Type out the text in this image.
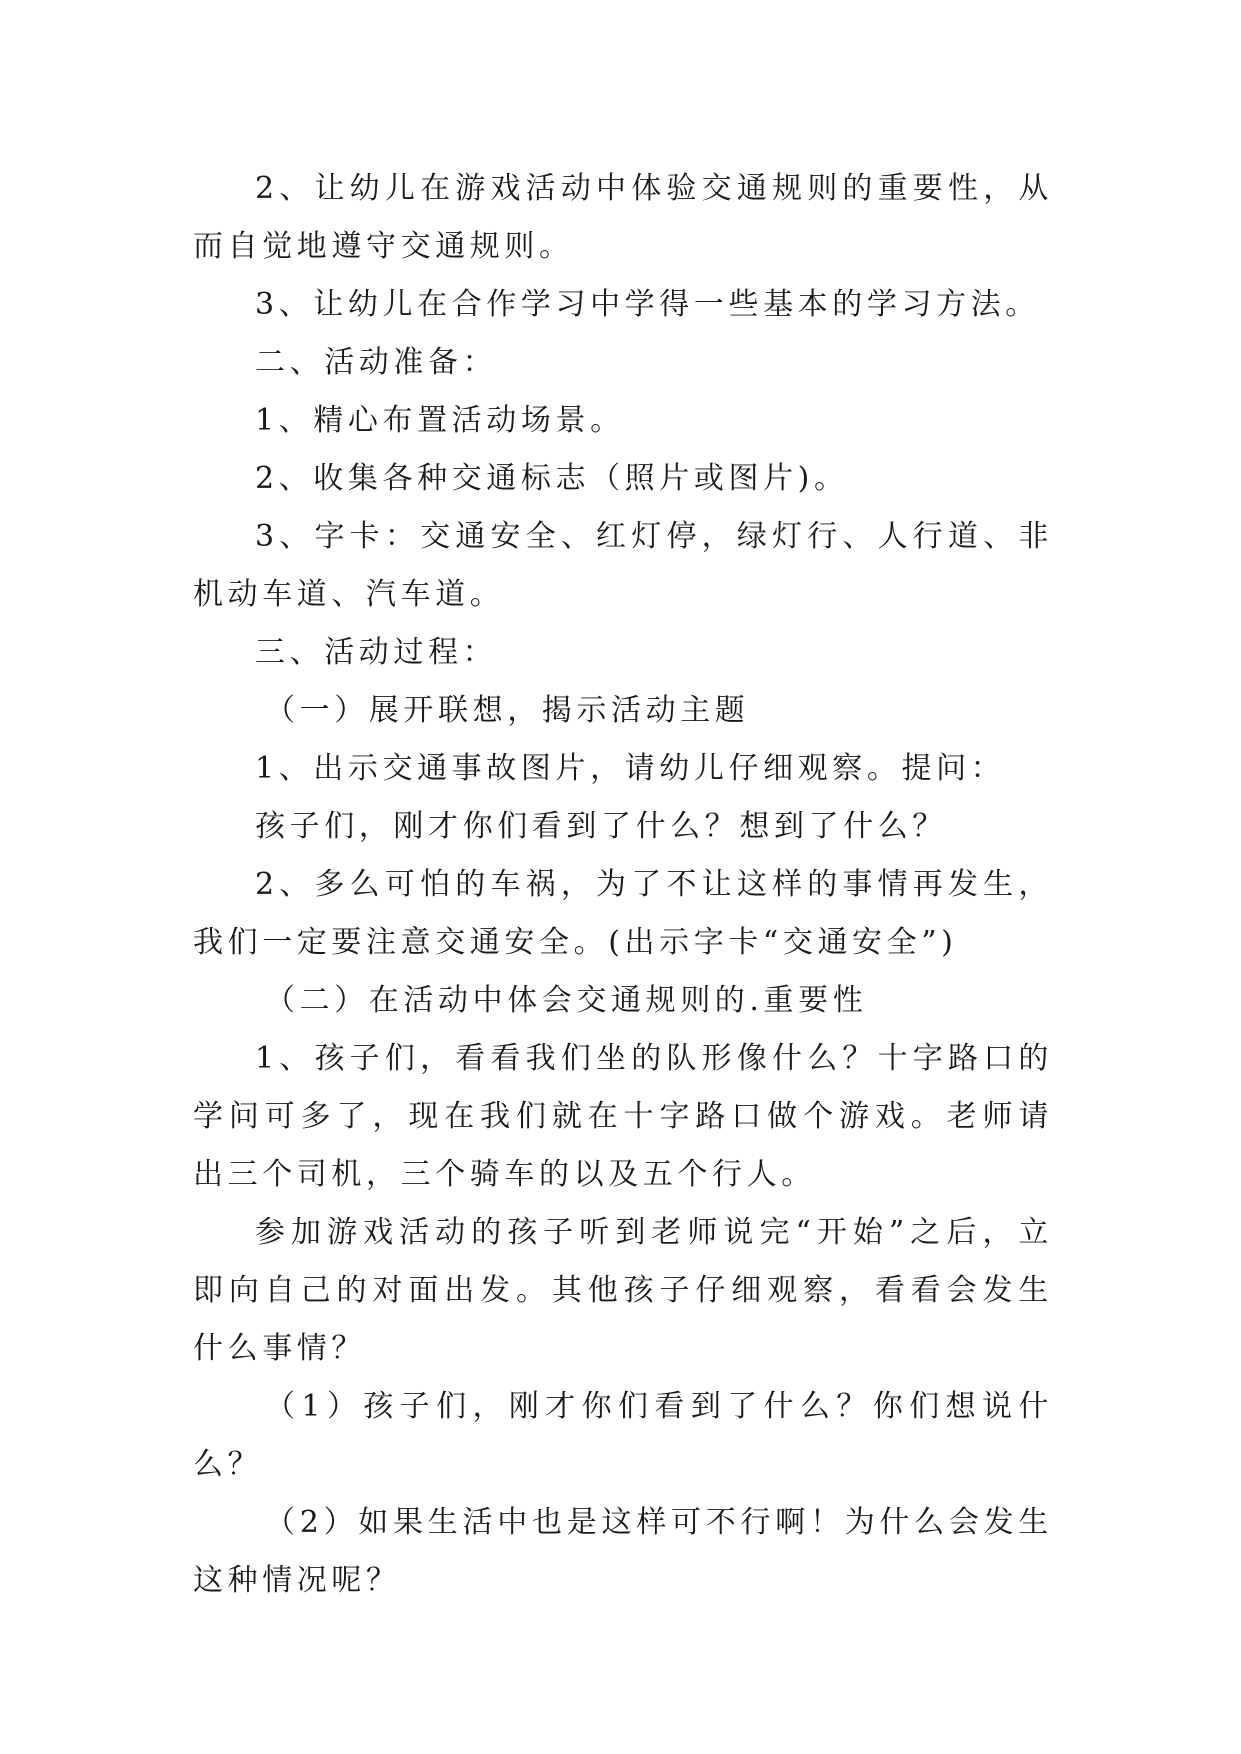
2、让幼儿在游戏活动中体验交通规则的重要性，从而自觉地遵守交通规则。

3、让幼儿在合作学习中学得一些基本的学习方法。

二、活动准备：

1、精心布置活动场景。

2、收集各种交通标志（照片或图片)。

3、字卡：交通安全、红灯停，绿灯行、人行道、非机动车道、汽车道。

三、活动过程：

（一）展开联想，揭示活动主题

1、出示交通事故图片，请幼儿仔细观察。提问：

孩子们，刚才你们看到了什么？想到了什么？

2、多么可怕的车祸，为了不让这样的事情再发生，我们一定要注意交通安全。(出示字卡“交通安全”)

（二）在活动中体会交通规则的.重要性

1、孩子们，看看我们坐的队形像什么？十字路口的学问可多了，现在我们就在十字路口做个游戏。老师请出三个司机，三个骑车的以及五个行人。

参加游戏活动的孩子听到老师说完“开始”之后，立即向自己的对面出发。其他孩子仔细观察，看看会发生什么事情？

（1）孩子们，刚才你们看到了什么？你们想说什么？

（2）如果生活中也是这样可不行啊！为什么会发生这种情况呢？
